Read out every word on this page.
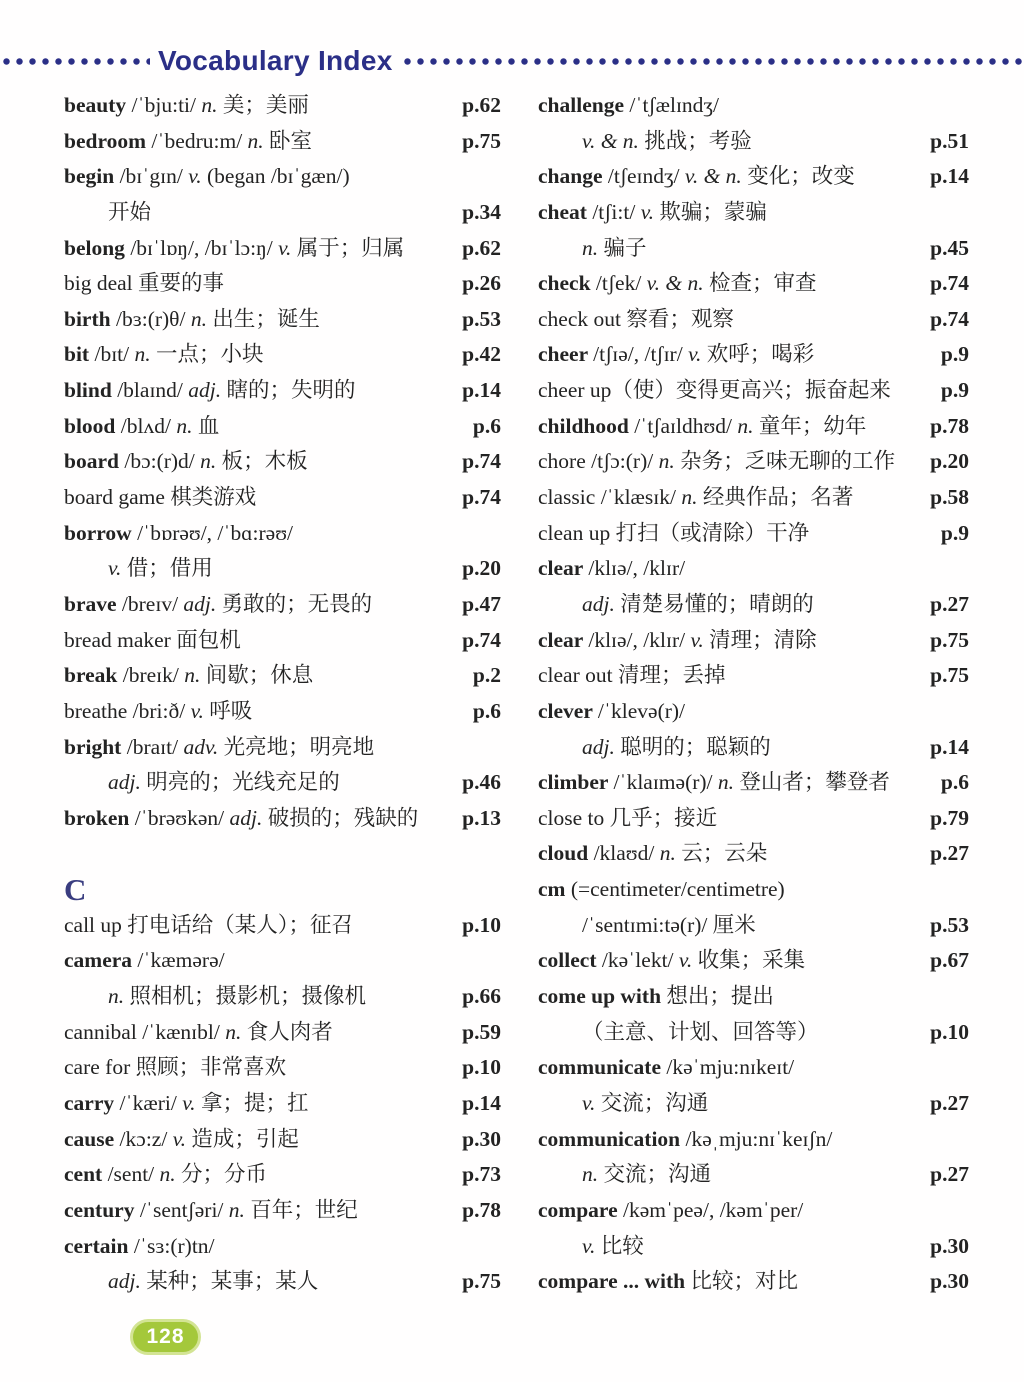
Vocabulary Index
beauty /ˈbju:ti/ n. 美；美丽	p.62
bedroom /ˈbedru:m/ n. 卧室	p.75
begin /bɪˈgɪn/ v. (began /bɪˈgæn/)
开始	p.34
belong /bɪˈlɒŋ/, /bɪˈlɔ:ŋ/ v. 属于；归属	p.62
big deal 重要的事	p.26
birth /bɜ:(r)θ/ n. 出生；诞生	p.53
bit /bɪt/ n. 一点；小块	p.42
blind /blaɪnd/ adj. 瞎的；失明的	p.14
blood /blʌd/ n. 血	p.6
board /bɔ:(r)d/ n. 板；木板	p.74
board game 棋类游戏	p.74
borrow /ˈbɒrəʊ/, /ˈbɑ:rəʊ/
v. 借；借用	p.20
brave /breɪv/ adj. 勇敢的；无畏的	p.47
bread maker 面包机	p.74
break /breɪk/ n. 间歇；休息	p.2
breathe /bri:ð/ v. 呼吸	p.6
bright /braɪt/ adv. 光亮地；明亮地
adj. 明亮的；光线充足的	p.46
broken /ˈbrəʊkən/ adj. 破损的；残缺的 p.13
C
call up 打电话给（某人）；征召	p.10
camera /ˈkæmərə/
n. 照相机；摄影机；摄像机	p.66
cannibal /ˈkænɪbl/ n. 食人肉者	p.59
care for 照顾；非常喜欢	p.10
carry /ˈkæri/ v. 拿；提；扛	p.14
cause /kɔ:z/ v. 造成；引起	p.30
cent /sent/ n. 分；分币	p.73
century /ˈsentʃəri/ n. 百年；世纪	p.78
certain /ˈsɜ:(r)tn/
adj. 某种；某事；某人	p.75
challenge /ˈtʃælɪndʒ/
v. & n. 挑战；考验	p.51
change /tʃeɪndʒ/ v. & n. 变化；改变	p.14
cheat /tʃi:t/ v. 欺骗；蒙骗
n. 骗子	p.45
check /tʃek/ v. & n. 检查；审查	p.74
check out 察看；观察	p.74
cheer /tʃɪə/, /tʃɪr/ v. 欢呼；喝彩	p.9
cheer up（使）变得更高兴；振奋起来 p.9
childhood /ˈtʃaɪldhʊd/ n. 童年；幼年	p.78
chore /tʃɔ:(r)/ n. 杂务；乏味无聊的工作 p.20
classic /ˈklæsɪk/ n. 经典作品；名著	p.58
clean up 打扫（或清除）干净	p.9
clear /klɪə/, /klɪr/
adj. 清楚易懂的；晴朗的	p.27
clear /klɪə/, /klɪr/ v. 清理；清除	p.75
clear out 清理；丢掉	p.75
clever /ˈklevə(r)/
adj. 聪明的；聪颖的	p.14
climber /ˈklaɪmə(r)/ n. 登山者；攀登者 p.6
close to 几乎；接近	p.79
cloud /klaʊd/ n. 云；云朵	p.27
cm (=centimeter/centimetre)
/ˈsentɪmi:tə(r)/ 厘米	p.53
collect /kəˈlekt/ v. 收集；采集	p.67
come up with 想出；提出
（主意、计划、回答等）	p.10
communicate /kəˈmju:nɪkeɪt/
v. 交流；沟通	p.27
communication /kəˌmju:nɪˈkeɪʃn/
n. 交流；沟通	p.27
compare /kəmˈpeə/, /kəmˈper/
v. 比较	p.30
compare ... with 比较；对比	p.30
128
